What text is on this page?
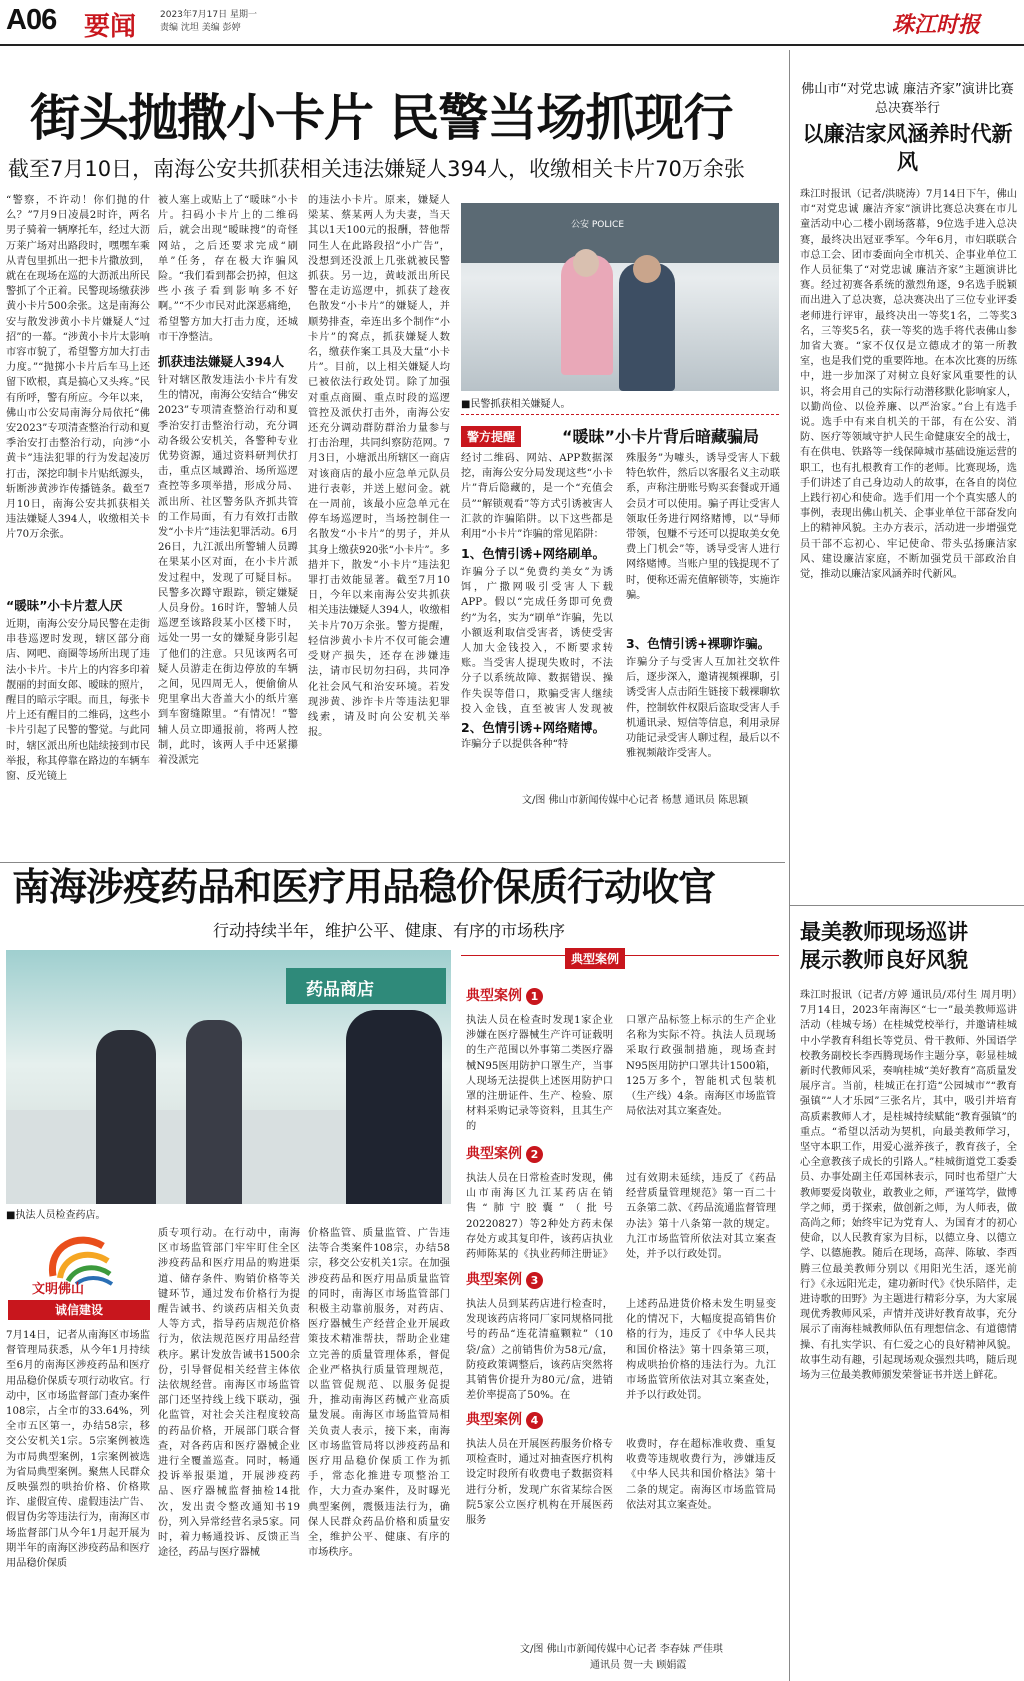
A06 要闻	2023年7月17日 星期一
责编 沈坦 美编 彭婷	珠江时报
街头抛撒小卡片 民警当场抓现行
截至7月10日，南海公安共抓获相关违法嫌疑人394人，收缴相关卡片70万余张
“警察，不许动！你们抛的什么？”7月9日凌晨2时许，两名男子骑着一辆摩托车，经过大沥万莱广场对出路段时，嘿嘿车乘从青包里抓出一把卡片撒放到，就在在现场在巡的大沥派出所民警抓了个正着。民警现场缴获涉黄小卡片500余张。这是南海公安与散发涉黄小卡片嫌疑人“过招”的一幕。“涉黄小卡片太影响市容市貌了，希望警方加大打击力度。”“抛掷小卡片后车马上还留下欧根，真是搞心又头疼。”民有所呼，警有所应。今年以来，佛山市公安局南海分局依托“佛安2023”专项清查整治行动和夏季治安打击整治行动，向涉“小黄卡”违法犯罪的行为发起凌厉打击，深挖印制卡片贴纸源头，斩断涉黄涉诈传播链条。截至7月10日，南海公安共抓获相关违法嫌疑人394人，收缴相关卡片70万余张。
“暖昧”小卡片惹人厌
近期，南海公安分局民警在走街串巷巡逻时发现，辖区部分商店、网吧、商圈等场所出现了违法小卡片。卡片上的内容多印着靓丽的封面女郎、暧昧的照片，醒目的暗示字眼。而且，每张卡片上还有醒目的二维码，这些小卡片引起了民警的警觉。与此同时，辖区派出所也陆续接到市民举报，称其停靠在路边的车辆车窗、反光镜上
被人塞上或贴上了“暖昧”小卡片。扫码小卡片上的二维码后，就会出现“暧昧搜”的奇怪网站，之后还要求完成“刷单”任务，存在极大诈骗风险。“我们看到都会扔掉，但这些小孩子看到影响多不好啊。”“不少市民对此深恶痛绝，希望警方加大打击力度，还城市干净整洁。
抓获违法嫌疑人394人
针对辖区散发违法小卡片有发生的情况，南海公安结合“佛安2023”专项清查整治行动和夏季治安打击整治行动，充分调动各级公安机关，各警种专业优势资源，通过资料研判伏打击，重点区域蹲治、场所巡逻查控等多项举措，形成分局、派出所、社区警务队齐抓共管的工作局面，有力有效打击散发“小卡片”违法犯罪活动。6月26日，九江派出所警辅人员蹲在果某小区对面，在小卡片派发过程中，发现了可疑目标。民警多次蹲守跟踪，锁定嫌疑人员身份。16时许，警辅人员巡逻至该路段某小区楼下时，远处一男一女的嫌疑身影引起了他们的注意。只见该两名可疑人员游走在街边停放的车辆之间，见四周无人，便偷偷从兜里拿出大沓盖大小的纸片塞到车窗缝隙里。“有情况！”警辅人员立即通报前，将两人控制，此时，该两人手中还紧攥着没派完
的违法小卡片。原来，嫌疑人梁某、蔡某两人为夫妻，当天其以1天100元的报酬，替他帮同生人在此路段招“小广告”，没想到还没派上几张就被民警抓获。另一边，黄岐派出所民警在走访巡逻中，抓获了趁夜色散发“小卡片”的嫌疑人，并顺势排查，牵连出多个制作“小卡片”的窝点，抓获嫌疑人数名，缴获作案工具及大量“小卡片”。目前，以上相关嫌疑人均已被依法行政处罚。除了加强对重点商圈、重点时段的巡逻管控及派伏打击外，南海公安还充分调动群防群治力量参与打击治理，共同纠察防范网。7月3日，小塘派出所辖区一商店对该商店的最小应急单元队员进行表彰，并送上慰问金。就在一周前，该最小应急单元在停车场巡逻时，当场控制住一名散发“小卡片”的男子，并从其身上缴获920张“小卡片”。多措并下，散发“小卡片”违法犯罪打击效能显著。截至7月10日，今年以来南海公安共抓获相关违法嫌疑人394人，收缴相关卡片70万余张。警方提醒，轻信涉黄小卡片不仅可能会遭受财产损失，还存在涉嫌违法，请市民切勿扫码，共同净化社会风气和治安环境。若发现涉黄、涉诈卡片等违法犯罪线索，请及时向公安机关举报。
公安 POLICE
■民警抓获相关嫌疑人。
警方提醒	“暖昧”小卡片背后暗藏骗局
经讨二维码、网站、APP数据深挖，南海公安分局发现这些“小卡片”背后隐藏的，是一个“充值会员”“解锁观看”等方式引诱被害人汇款的诈骗陷阱。以下这些都是利用“小卡片”诈骗的常见陷阱：
1、色情引诱+网络刷单。
诈骗分子以“免费约美女”为诱饵，广撒网吸引受害人下载APP。假以“完成任务即可免费约”为名，实为“刷单”诈骗，先以小额返利取信受害者，诱使受害人加大金钱投入，不断要求转账。当受害人提现失败时，不法分子以系统故障、数据错误、操作失误等借口，欺骗受害人继续投入金钱，直至被害人发现被
2、色情引诱+网络赌博。
诈骗分子以提供各种“特
殊服务”为噱头，诱导受害人下载特色软件，然后以客服名义主动联系，声称注册账号购买套餐或开通会员才可以使用。骗子再让受害人领取任务进行网络赌博，以“导师带领，包赚不亏还可以提取美女免费上门机会”等，诱导受害人进行网络赌博。当账户里的钱提现不了时，便称还需充值解锁等，实施诈骗。
3、色情引诱+裸聊诈骗。
诈骗分子与受害人互加社交软件后，逐步深入，邀请视频裸聊，引诱受害人点击陌生链接下载裸聊软件，控制软件权限后盗取受害人手机通讯录、短信等信息，利用录屏功能记录受害人聊过程，最后以不雅视频敲诈受害人。
文/图 佛山市新闻传媒中心记者 杨慧 通讯员 陈思颖
佛山市“对党忠诚 廉洁齐家”演讲比赛总决赛举行
以廉洁家风涵养时代新风
珠江时报讯（记者/洪晓涛）7月14日下午，佛山市“对党忠诚 廉洁齐家”演讲比赛总决赛在市儿童活动中心二楼小剧场落幕，9位选手进入总决赛，最终决出冠亚季军。今年6月，市妇联联合市总工会、团市委面向全市机关、企事业单位工作人员征集了“对党忠诚 廉洁齐家”主题演讲比赛。经过初赛各系统的激烈角逐，9名选手脱颖而出进入了总决赛，总决赛决出了三位专业评委老师进行评审，最终决出一等奖1名，二等奖3名，三等奖5名，获一等奖的选手将代表佛山参加省大赛。“家不仅仅是立德成才的第一所教室，也是我们党的重要阵地。在本次比赛的历练中，进一步加深了对树立良好家风重要性的认识，将会用自己的实际行动潜移默化影响家人，以勤尚俭、以俭养廉、以严治家。”台上有选手说。选手中有来自机关的干部，有在公安、消防、医疗等领域守护人民生命健康安全的战士，有在供电、铁路等一线保障城市基础设施运营的职工，也有扎根教育工作的老师。比赛现场，选手们讲述了自己身边动人的故事，在各自的岗位上践行初心和使命。选手们用一个个真实感人的事例，表现出佛山机关、企事业单位干部奋发向上的精神风貌。主办方表示，活动进一步增强党员干部不忘初心、牢记使命、带头弘扬廉洁家风、建设廉洁家庭，不断加强党员干部政治自觉，推动以廉洁家风涵养时代新风。
南海涉疫药品和医疗用品稳价保质行动收官
行动持续半年，维护公平、健康、有序的市场秩序
药品商店
■执法人员检查药店。
文明佛山
诚信建设
7月14日，记者从南海区市场监督管理局获悉，从今年1月持续至6月的南海区涉疫药品和医疗用品稳价保质专项行动收官。行动中，区市场监督部门查办案件108宗，占全市的33.64%，列全市五区第一，办结58宗，移交公安机关1宗。5宗案例被选为市局典型案例，1宗案例被选为省局典型案例。聚焦人民群众反映强烈的哄抬价格、价格欺诈、虚假宣传、虚假违法广告、假冒伪劣等违法行为，南海区市场监督部门从今年1月起开展为期半年的南海区涉疫药品和医疗用品稳价保质
质专项行动。在行动中，南海区市场监管部门牢牢盯住全区涉疫药品和医疗用品的购进渠道、储存条件、购销价格等关键环节，通过发布价格行为提醒告诫书、约谈药店相关负责人等方式，指导药店规范价格行为，依法规范医疗用品经营秩序。累计发放告诫书1500余份，引导督促相关经营主体依法依规经营。南海区市场监管部门还坚持线上线下联动，强化监管，对社会关注程度较高的药品价格，开展部门联合督查，对各药店和医疗器械企业进行全覆盖巡查。同时，畅通投诉举报渠道，开展涉疫药品、医疗器械监督抽检14批次，发出责令整改通知书19份，列入异常经营名录5家。同时，着力畅通投诉、反馈正当途径，药品与医疗器械
价格监管、质量监管、广告违法等合类案件108宗，办结58宗，移交公安机关1宗。在加强涉疫药品和医疗用品质量监管的同时，南海区市场监管部门积极主动靠前服务，对药店、医疗器械生产经营企业开展政策技术精准帮扶，帮助企业建立完善的质量管理体系，督促企业严格执行质量管理规范，以监管促规范、以服务促提升，推动南海区药械产业高质量发展。南海区市场监管局相关负责人表示，接下来，南海区市场监管局将以涉疫药品和医疗用品稳价保质工作为抓手，常态化推进专项整治工作，大力查办案件，及时曝光典型案例，震慑违法行为，确保人民群众药品价格和质量安全，维护公平、健康、有序的市场秩序。
典型案例
典型案例 1
执法人员在检查时发现1家企业涉嫌在医疗器械生产许可证载明的生产范围以外事第二类医疗器械N95医用防护口罩生产，当事人现场无法提供上述医用防护口罩的注册证件、生产、检验、原材料采购记录等资料，且其生产的
口罩产品标签上标示的生产企业名称为实际不符。执法人员现场采取行政强制措施，现场查封N95医用防护口罩共计1500箱，125万多个，智能机式包装机（生产线）4条。南海区市场监管局依法对其立案查处。
典型案例 2
执法人员在日常检查时发现，佛山市南海区九江某药店在销售“肺宁胶囊”（批号20220827）等2种处方药未保存处方或其复印件，该药店执业药师陈某的《执业药师注册证》
过有效期未延续，违反了《药品经营质量管理规范》第一百二十五条第二款、《药品流通监督管理办法》第十八条第一款的规定。九江市场监管所依法对其立案查处，并予以行政处罚。
典型案例 3
执法人员到某药店进行检查时，发现该药店将同厂家同规格同批号的药品“连花清瘟颗粒”（10袋/盒）之前销售价为58元/盒，防疫政策调整后，该药店突然将其销售价提升为80元/盒，进销差价率提高了50%。在
上述药品进货价格未发生明显变化的情况下，大幅度提高销售价格的行为，违反了《中华人民共和国价格法》第十四条第三项，构成哄抬价格的违法行为。九江市场监管所依法对其立案查处，并予以行政处罚。
典型案例 4
执法人员在开展医药服务价格专项检查时，通过对抽查医疗机构设定时段所有收费电子数据资料进行分析，发现广东省某综合医院5家公立医疗机构在开展医药服务
收费时，存在超标准收费、重复收费等违规收费行为，涉嫌违反《中华人民共和国价格法》第十二条的规定。南海区市场监管局依法对其立案查处。
文/图 佛山市新闻传媒中心记者 李春妹 严佳琪
通讯员 贺一夫 顾娟霞
最美教师现场巡讲展示教师良好风貌
珠江时报讯（记者/方婷 通讯员/邓付生 周月明）7月14日，2023年南海区“七一”最美教师巡讲活动（桂城专场）在桂城党校举行，并邀请桂城中小学教育科组长等党员、骨干教师、外国语学校教务副校长李西腾现场作主题分享，彰显桂城新时代教师风采，奏响桂城“美好教育”高质量发展序言。当前，桂城正在打造“公园城市”“教育强镇”“人才乐园”三张名片，其中，吸引并培育高质素教师人才，是桂城持续赋能“教育强镇”的重点。“希望以活动为契机，向最美教师学习，坚守本职工作，用爱心滋养孩子，教育孩子，全心全意教孩子成长的引路人。”桂城街道党工委委员、办事处副主任邓国林表示，同时也希望广大教师要爱岗敬业，敢教业之师，严谨笃学，做博学之师，勇于探索，做创新之师，为人师表，做高尚之师；始终牢记为党育人、为国育才的初心使命，以人民教育家为目标，以德立身、以德立学、以德施教。随后在现场，高萍、陈敏、李西腾三位最美教师分别以《用阳光生活，逐光前行》《永远阳光走，建功新时代》《快乐陪伴，走进诗歌的田野》为主题进行精彩分享，为大家展现优秀教师风采，声情并茂讲好教育故事，充分展示了南海桂城教师队伍有理想信念、有道德情操、有扎实学识、有仁爱之心的良好精神风貌。故事生动有趣，引起现场观众强烈共鸣，随后现场为三位最美教师颁发荣誉证书并送上鲜花。
